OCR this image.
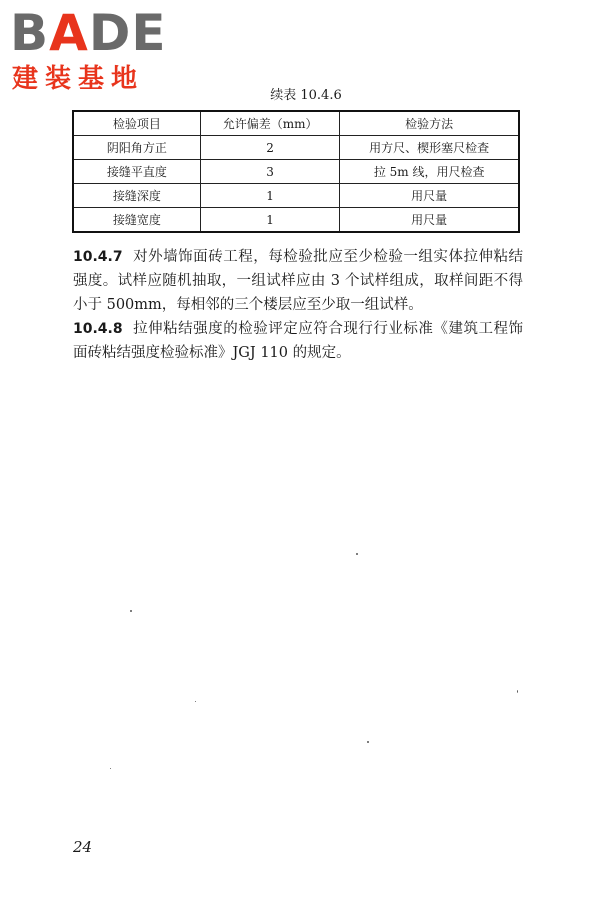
BADE
建装基地
续表 10.4.6
检验项目	允许偏差（mm）	检验方法
阴阳角方正	2	用方尺、楔形塞尺检查
接缝平直度	3	拉 5m 线，用尺检查
接缝深度	1	用尺量
接缝宽度	1	用尺量

10.4.7 对外墙饰面砖工程，每检验批应至少检验一组实体拉伸粘结强度。试样应随机抽取，一组试样应由 3 个试样组成，取样间距不得小于 500mm，每相邻的三个楼层应至少取一组试样。

10.4.8 拉伸粘结强度的检验评定应符合现行行业标准《建筑工程饰面砖粘结强度检验标准》JGJ 110 的规定。

24
